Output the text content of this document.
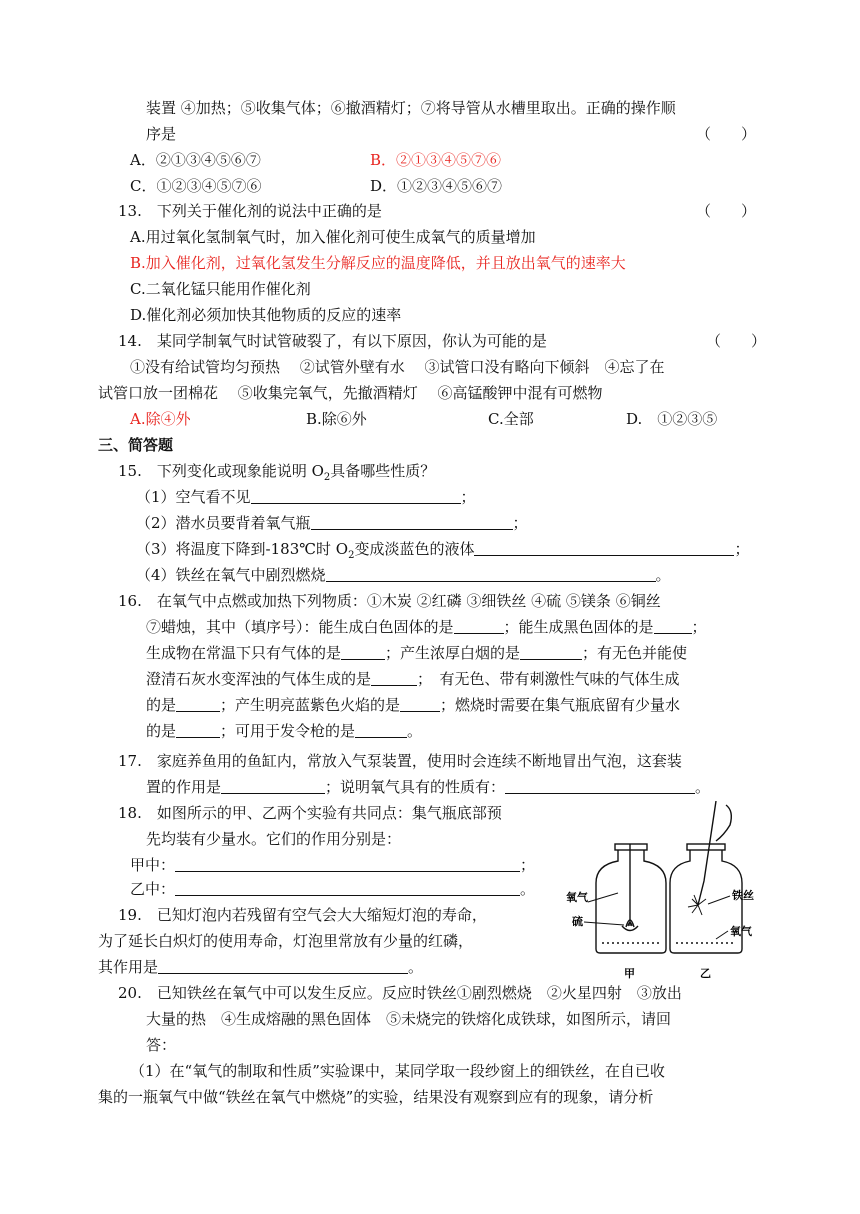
装置 ④加热；⑤收集气体；⑥撤酒精灯；⑦将导管从水槽里取出。正确的操作顺
序是	（　　）
A．②①③④⑤⑥⑦	B．②①③④⑤⑦⑥
C．①②③④⑤⑦⑥	D．①②③④⑤⑥⑦
13.　下列关于催化剂的说法中正确的是	（　　）
A.用过氧化氢制氧气时，加入催化剂可使生成氧气的质量增加
B.加入催化剂，过氧化氢发生分解反应的温度降低，并且放出氧气的速率大
C.二氧化锰只能用作催化剂
D.催化剂必须加快其他物质的反应的速率
14.　某同学制氧气时试管破裂了，有以下原因，你认为可能的是	（　　）
①没有给试管均匀预热　 ②试管外壁有水　 ③试管口没有略向下倾斜　④忘了在
试管口放一团棉花　 ⑤收集完氧气，先撤酒精灯　 ⑥高锰酸钾中混有可燃物
A.除④外	B.除⑥外	C.全部	D.　①②③⑤
三、简答题
15.　下列变化或现象能说明 $O_2$具备哪些性质？
（1）空气看不见	；
（2）潜水员要背着氧气瓶	；
（3）将温度下降到-183℃时 $O_2$变成淡蓝色的液体	；
（4）铁丝在氧气中剧烈燃烧	。
16.　在氧气中点燃或加热下列物质：①木炭 ②红磷 ③细铁丝 ④硫 ⑤镁条 ⑥铜丝
⑦蜡烛，其中（填序号）：能生成白色固体的是	；能生成黑色固体的是	；
生成物在常温下只有气体的是	；产生浓厚白烟的是	；有无色并能使
澄清石灰水变浑浊的气体生成的是	；　有无色、带有刺激性气味的气体生成
的是	；产生明亮蓝紫色火焰的是	；燃烧时需要在集气瓶底留有少量水
的是	；可用于发令枪的是	。
17.　家庭养鱼用的鱼缸内，常放入气泵装置，使用时会连续不断地冒出气泡，这套装
置的作用是	；说明氧气具有的性质有：	。
18.　如图所示的甲、乙两个实验有共同点：集气瓶底部预
先均装有少量水。它们的作用分别是：
甲中：	；
乙中：	。
19.　已知灯泡内若残留有空气会大大缩短灯泡的寿命，
为了延长白炽灯的使用寿命，灯泡里常放有少量的红磷，
其作用是	。
20.　已知铁丝在氧气中可以发生反应。反应时铁丝①剧烈燃烧　②火星四射　③放出
大量的热　④生成熔融的黑色固体　⑤未烧完的铁熔化成铁球，如图所示，请回
答：
（1）在“氧气的制取和性质”实验课中，某同学取一段纱窗上的细铁丝，在自已收
集的一瓶氧气中做“铁丝在氧气中燃烧”的实验，结果没有观察到应有的现象，请分析
氧气
硫
铁丝
氧气
甲	乙
